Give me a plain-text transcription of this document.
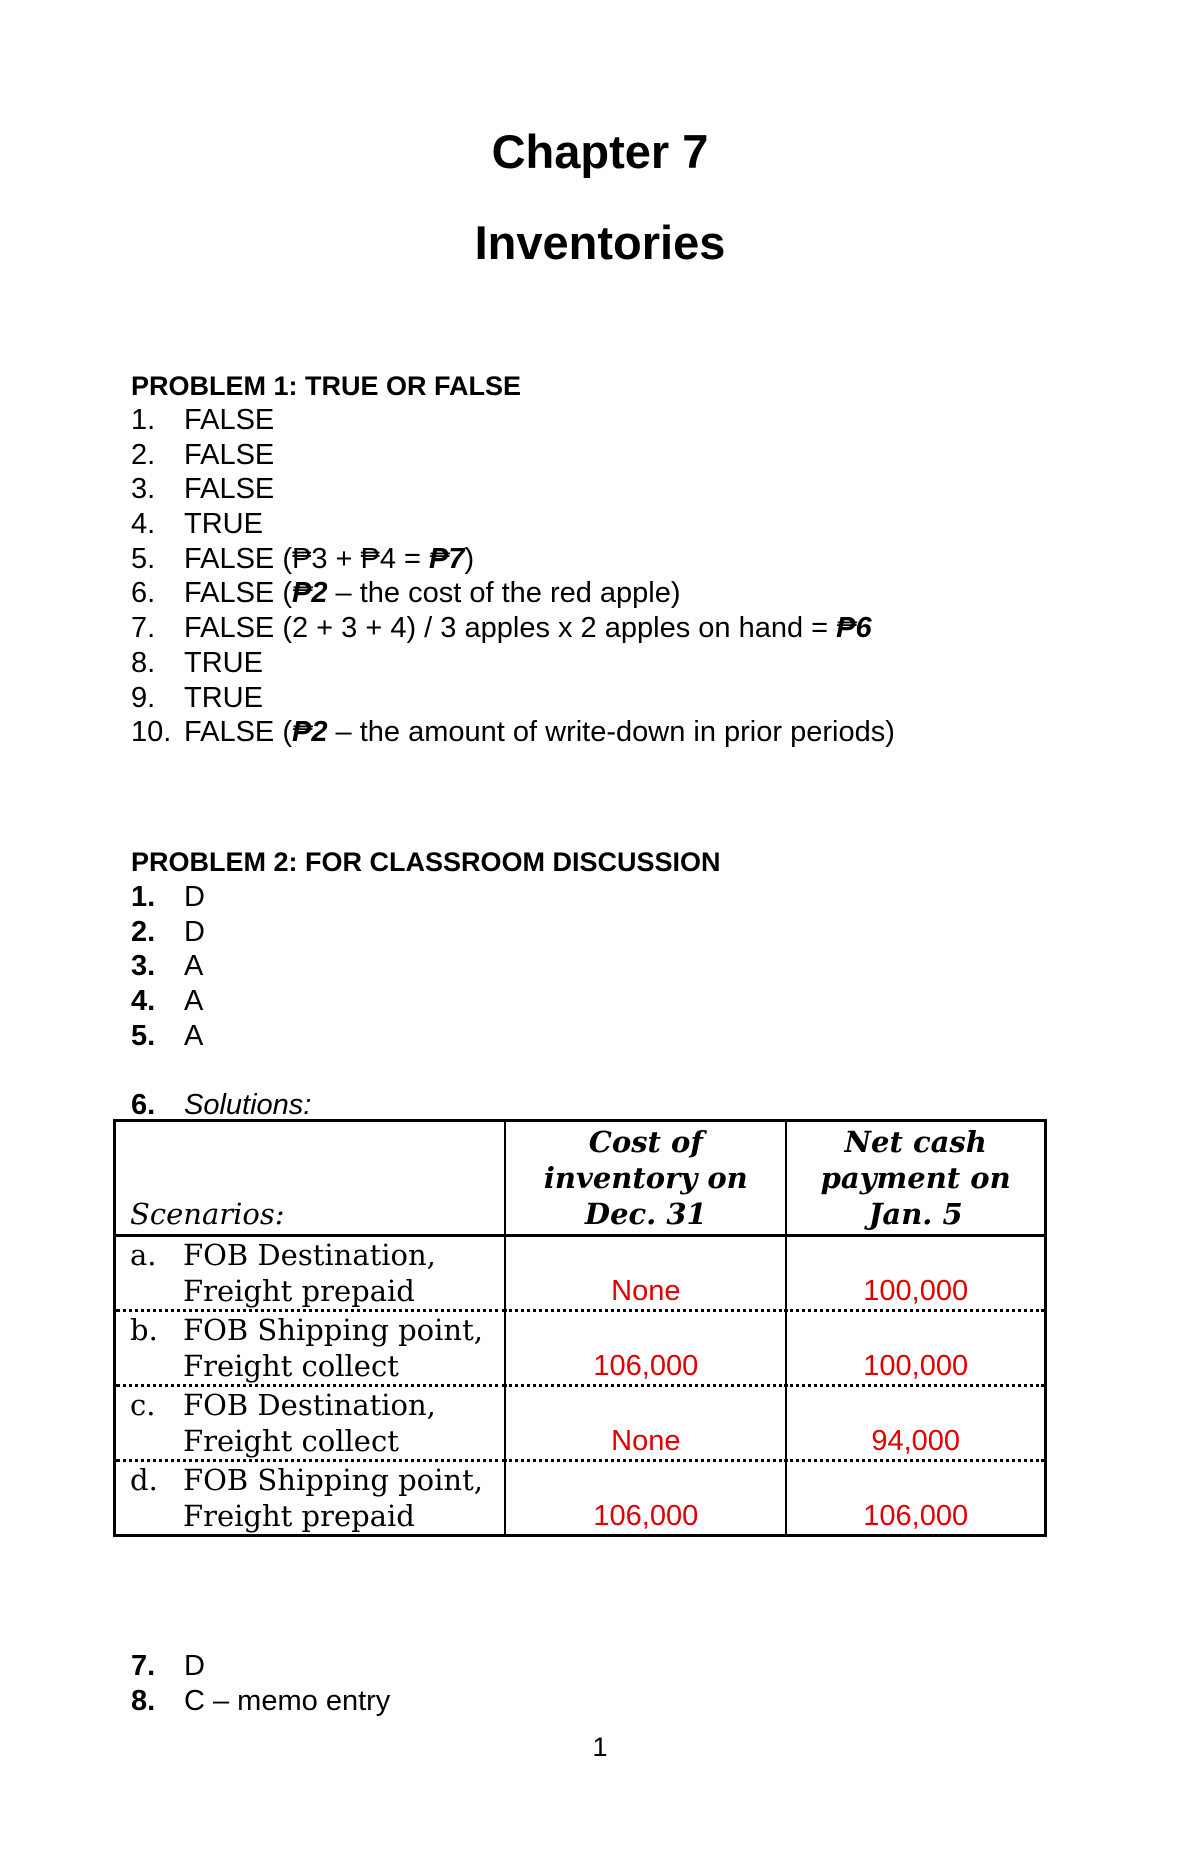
Chapter 7
Inventories
PROBLEM 1: TRUE OR FALSE
1. FALSE
2. FALSE
3. FALSE
4. TRUE
5. FALSE (₱3 + ₱4 = ₱7)
6. FALSE (₱2 – the cost of the red apple)
7. FALSE (2 + 3 + 4) / 3 apples x 2 apples on hand = ₱6
8. TRUE
9. TRUE
10. FALSE (₱2 – the amount of write-down in prior periods)
PROBLEM 2: FOR CLASSROOM DISCUSSION
1. D
2. D
3. A
4. A
5. A
6. Solutions:
Scenarios:	Cost of inventory on Dec. 31	Net cash payment on Jan. 5

a. FOB Destination, Freight prepaid	None	100,000

b. FOB Shipping point, Freight collect	106,000	100,000

c. FOB Destination, Freight collect	None	94,000

d. FOB Shipping point, Freight prepaid	106,000	106,000
7. D
8. C – memo entry
1
